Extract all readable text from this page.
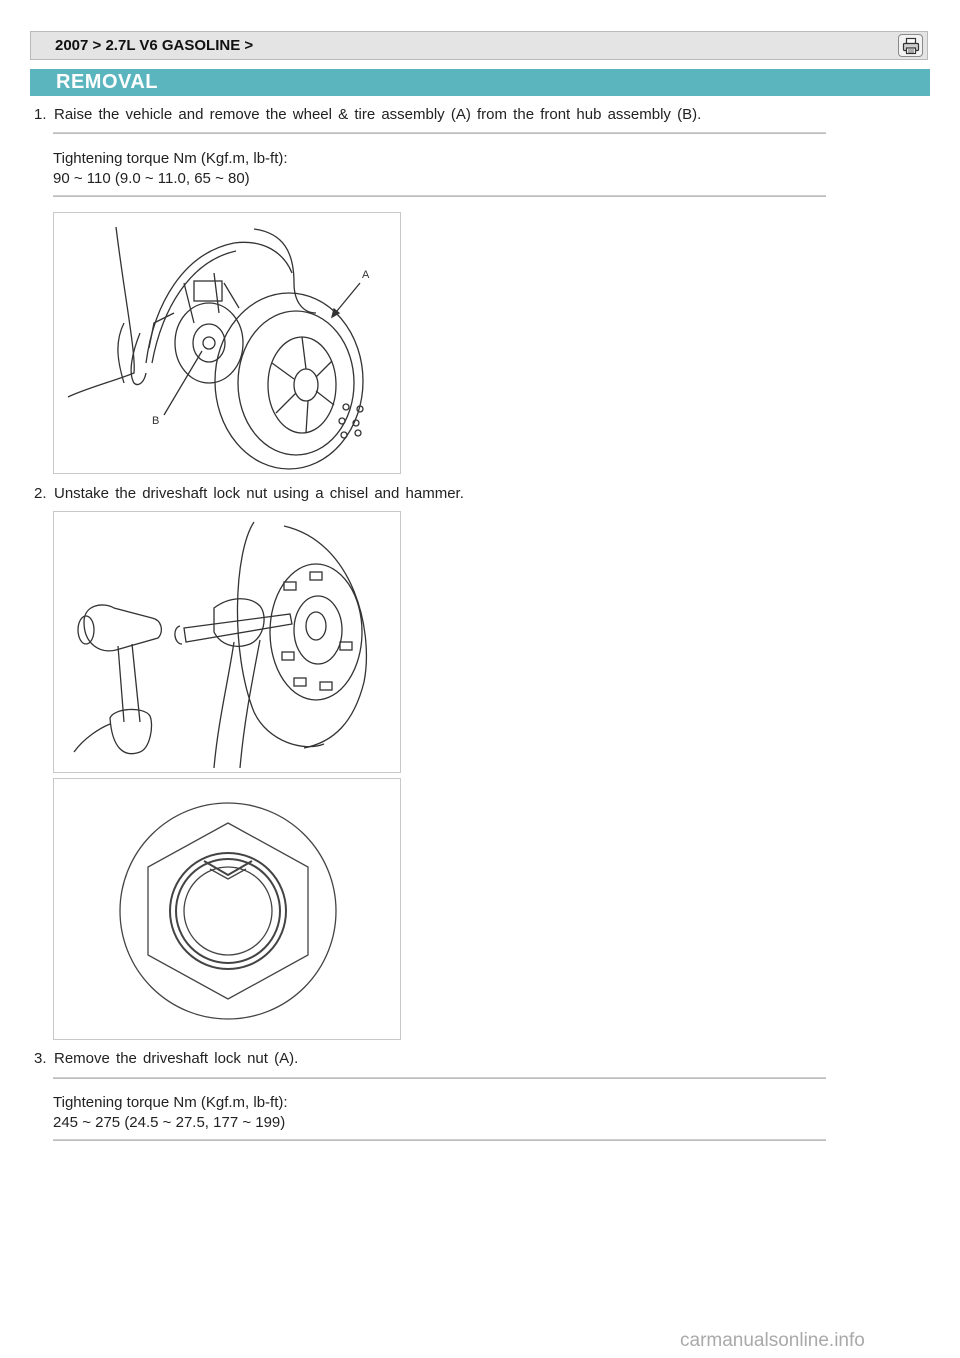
2007 > 2.7L V6 GASOLINE >
REMOVAL
1. Raise the vehicle and remove the wheel & tire assembly (A) from the front hub assembly (B).
Tightening torque Nm (Kgf.m, lb-ft):
90 ~ 110 (9.0 ~ 11.0, 65 ~ 80)
A
B
2. Unstake the driveshaft lock nut using a chisel and hammer.
3. Remove the driveshaft lock nut (A).
Tightening torque Nm (Kgf.m, lb-ft):
245 ~ 275 (24.5 ~ 27.5, 177 ~ 199)
carmanualsonline.info
